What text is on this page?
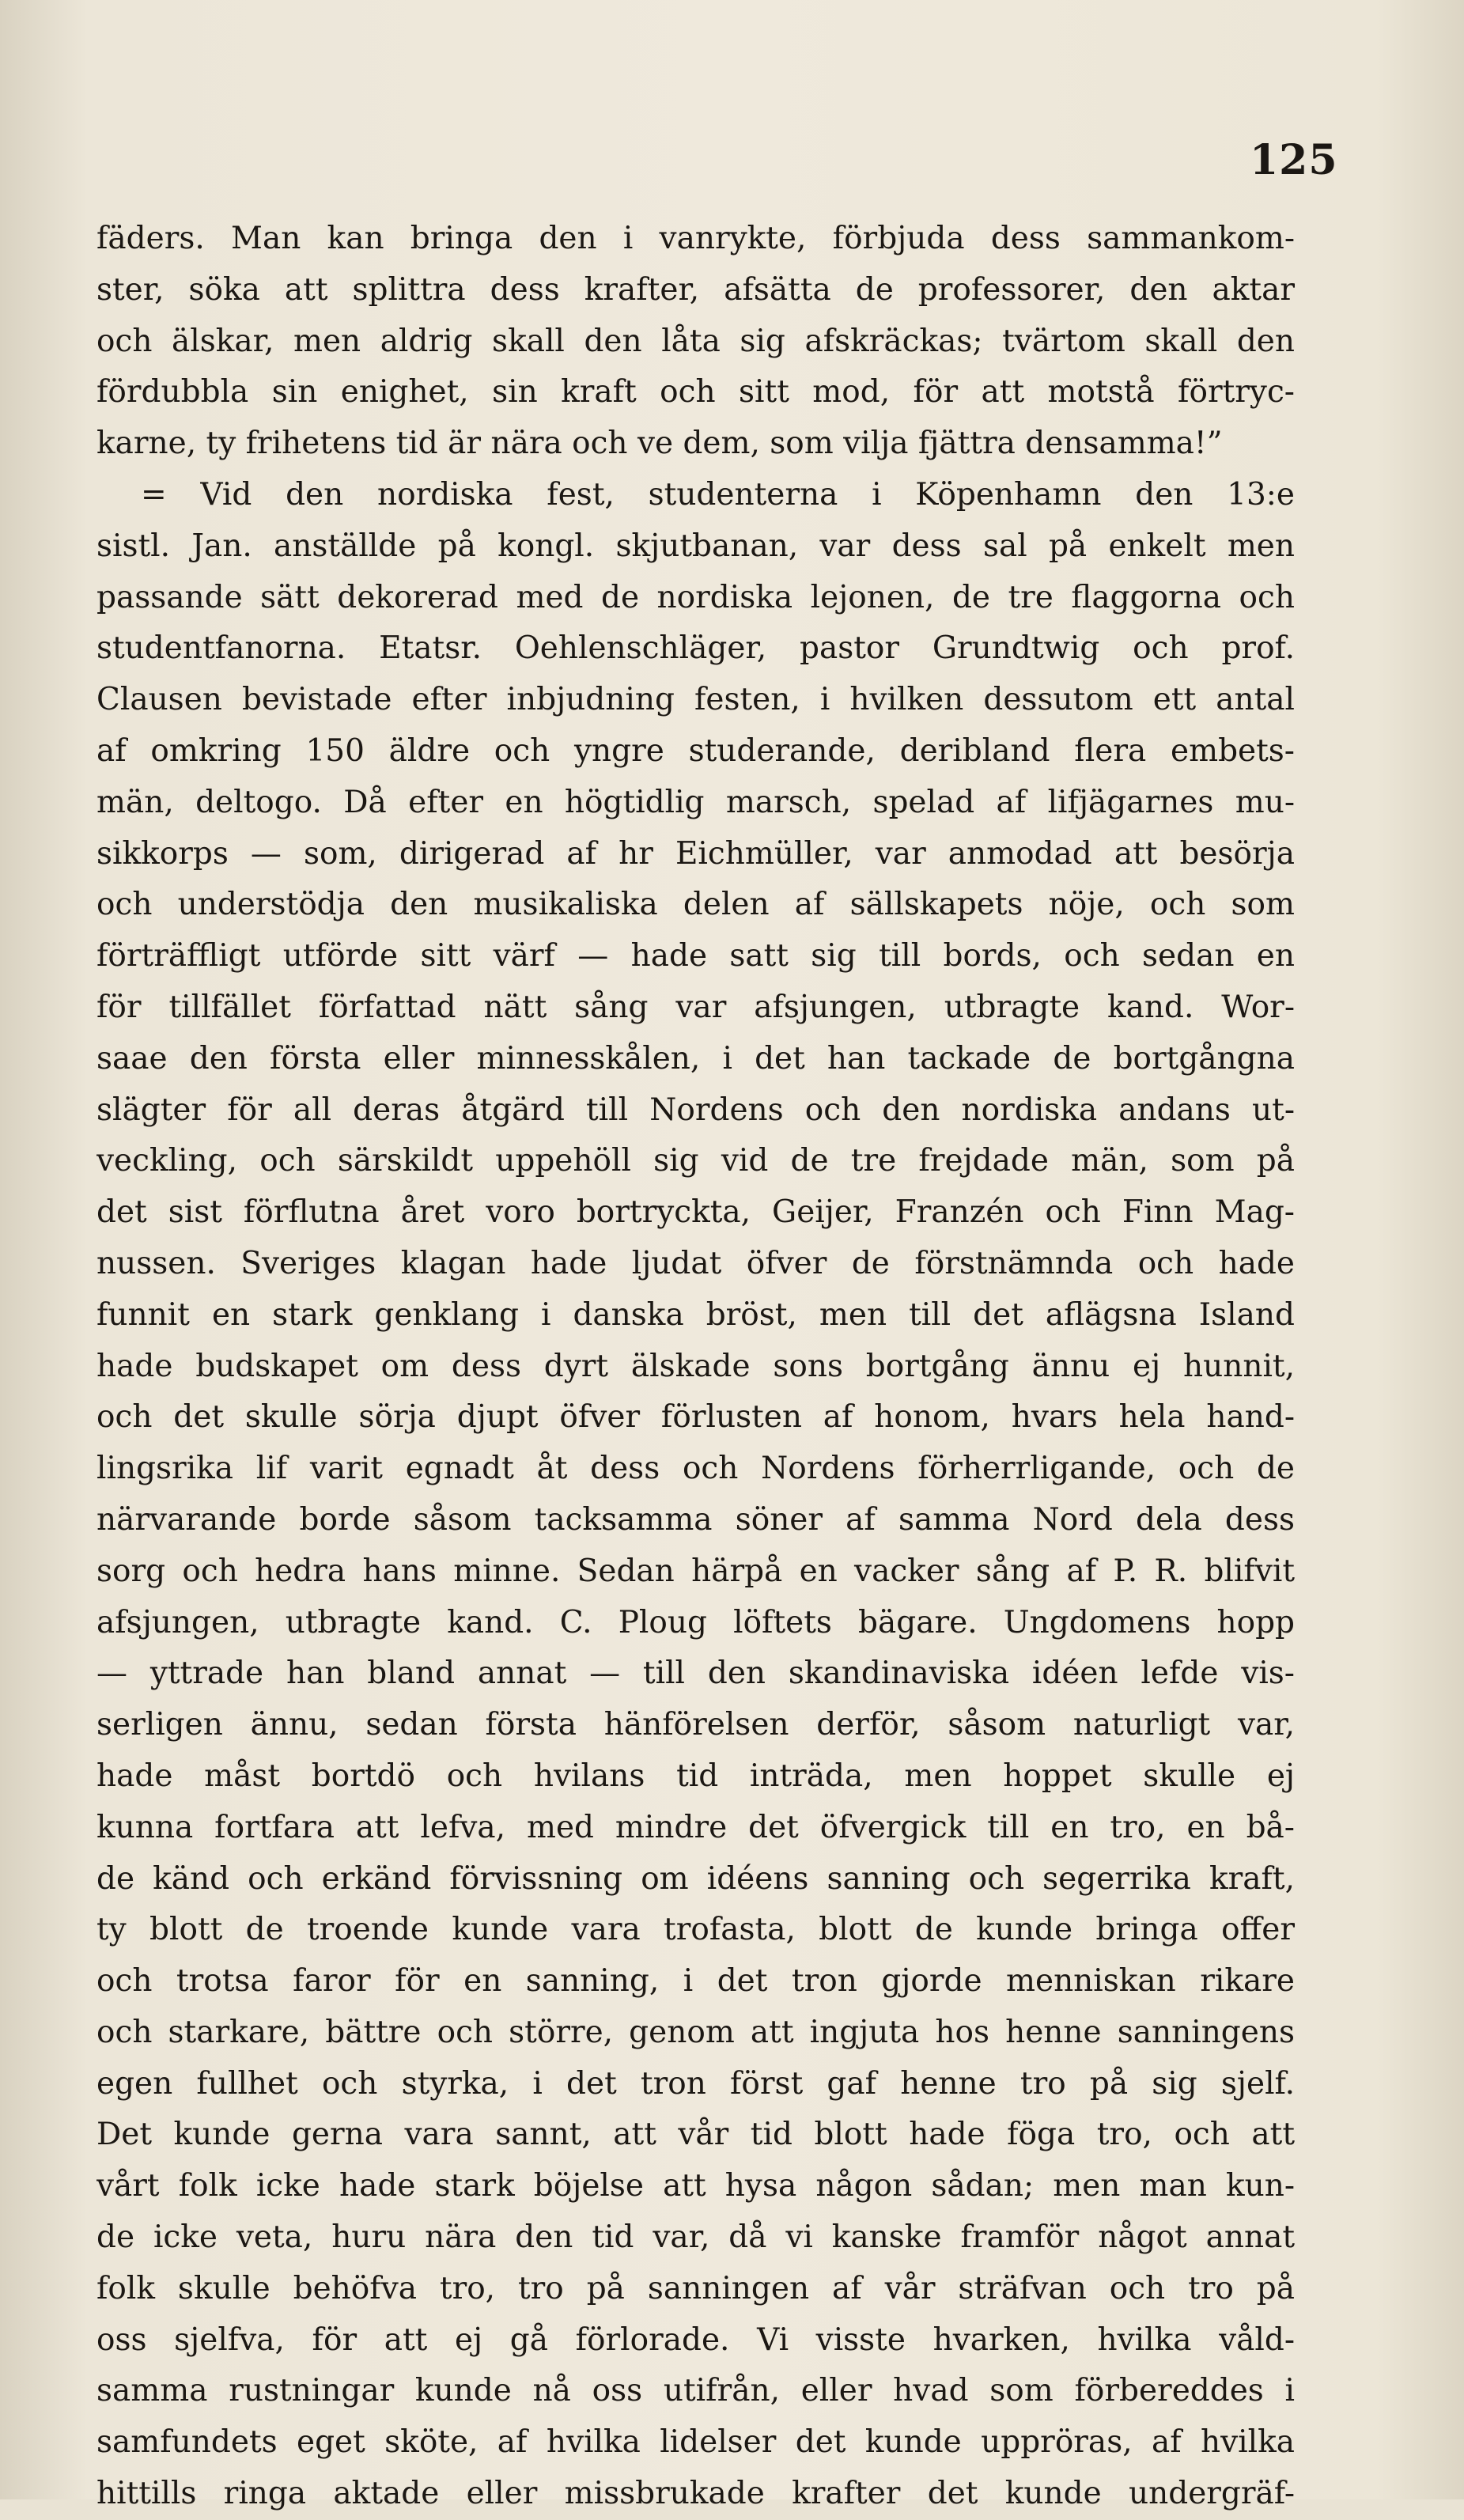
125
fäders. Man kan bringa den i vanrykte, förbjuda dess sammankom-
ster, söka att splittra dess krafter, afsätta de professorer, den aktar
och älskar, men aldrig skall den låta sig afskräckas; tvärtom skall den
fördubbla sin enighet, sin kraft och sitt mod, för att motstå förtryc-
karne, ty frihetens tid är nära och ve dem, som vilja fjättra densamma!”
= Vid den nordiska fest, studenterna i Köpenhamn den 13:e
sistl. Jan. anställde på kongl. skjutbanan, var dess sal på enkelt men
passande sätt dekorerad med de nordiska lejonen, de tre flaggorna och
studentfanorna. Etatsr. Oehlenschläger, pastor Grundtwig och prof.
Clausen bevistade efter inbjudning festen, i hvilken dessutom ett antal
af omkring 150 äldre och yngre studerande, deribland flera embets-
män, deltogo. Då efter en högtidlig marsch, spelad af lifjägarnes mu-
sikkorps — som, dirigerad af hr Eichmüller, var anmodad att besörja
och understödja den musikaliska delen af sällskapets nöje, och som
förträffligt utförde sitt värf — hade satt sig till bords, och sedan en
för tillfället författad nätt sång var afsjungen, utbragte kand. Wor-
saae den första eller minnesskålen, i det han tackade de bortgångna
slägter för all deras åtgärd till Nordens och den nordiska andans ut-
veckling, och särskildt uppehöll sig vid de tre frejdade män, som på
det sist förflutna året voro bortryckta, Geijer, Franzén och Finn Mag-
nussen. Sveriges klagan hade ljudat öfver de förstnämnda och hade
funnit en stark genklang i danska bröst, men till det aflägsna Island
hade budskapet om dess dyrt älskade sons bortgång ännu ej hunnit,
och det skulle sörja djupt öfver förlusten af honom, hvars hela hand-
lingsrika lif varit egnadt åt dess och Nordens förherrligande, och de
närvarande borde såsom tacksamma söner af samma Nord dela dess
sorg och hedra hans minne. Sedan härpå en vacker sång af P. R. blifvit
afsjungen, utbragte kand. C. Ploug löftets bägare. Ungdomens hopp
— yttrade han bland annat — till den skandinaviska idéen lefde vis-
serligen ännu, sedan första hänförelsen derför, såsom naturligt var,
hade måst bortdö och hvilans tid inträda, men hoppet skulle ej
kunna fortfara att lefva, med mindre det öfvergick till en tro, en bå-
de känd och erkänd förvissning om idéens sanning och segerrika kraft,
ty blott de troende kunde vara trofasta, blott de kunde bringa offer
och trotsa faror för en sanning, i det tron gjorde menniskan rikare
och starkare, bättre och större, genom att ingjuta hos henne sanningens
egen fullhet och styrka, i det tron först gaf henne tro på sig sjelf.
Det kunde gerna vara sannt, att vår tid blott hade föga tro, och att
vårt folk icke hade stark böjelse att hysa någon sådan; men man kun-
de icke veta, huru nära den tid var, då vi kanske framför något annat
folk skulle behöfva tro, tro på sanningen af vår sträfvan och tro på
oss sjelfva, för att ej gå förlorade. Vi visste hvarken, hvilka våld-
samma rustningar kunde nå oss utifrån, eller hvad som förbereddes i
samfundets eget sköte, af hvilka lidelser det kunde uppröras, af hvilka
hittills ringa aktade eller missbrukade krafter det kunde undergräf-
